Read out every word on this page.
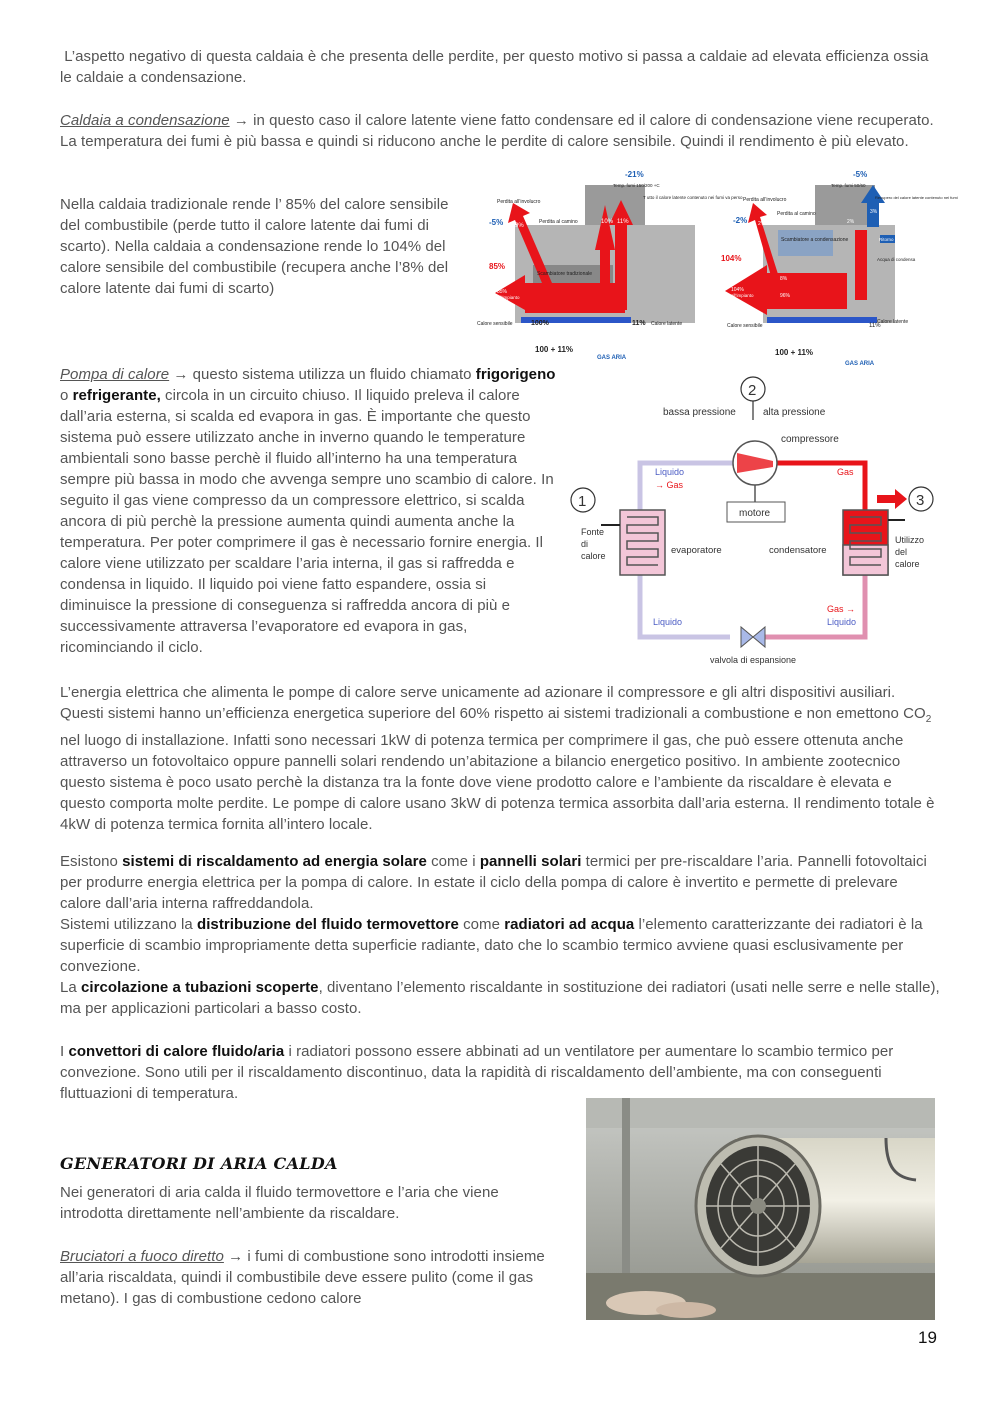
L’aspetto negativo di questa caldaia è che presenta delle perdite, per questo motivo si passa a caldaie ad elevata efficienza ossia le caldaie a condensazione.

Caldaia a condensazione → in questo caso il calore latente viene fatto condensare ed il calore di condensazione viene recuperato. La temperatura dei fumi è più bassa e quindi si riducono anche le perdite di calore sensibile. Quindi il rendimento è più elevato.

Nella caldaia tradizionale rende l’ 85% del calore sensibile del combustibile (perde tutto il calore latente dai fumi di scarto). Nella caldaia a condensazione rende lo 104% del calore sensibile del combustibile (recupera anche l’8% del calore latente dai fumi di scarto)

-21%
Temp. fumi 150/200 +C
Perdita all’involucro
Perdita al camino
T utto il calore latente contenuto nei fumi va perso
-5% 9%
10% 11%
Scambiatore tradizionale
85%
85%
all’impianto
Calore sensibile	100%	11% Calore latente
100 + 11%
GAS ARIA
-5%
Temp. fumi 50/60
Perdita all’involucro
Perdita al camino
Recupero del calore latente contenuto nei fumi
-2% 2%
3%
2%
8%
96%
Scambiatore a condensazione	Ritorno
Acqua di condensa
104%
104%
all’impianto
Calore sensibile	100%	11%
Calore latente
100 + 11%
GAS ARIA

Pompa di calore → questo sistema utilizza un fluido chiamato frigorigeno o refrigerante, circola in un circuito chiuso. Il liquido preleva il calore dall’aria esterna, si scalda ed evapora in gas. È importante che questo sistema può essere utilizzato anche in inverno quando le temperature ambientali sono basse perchè il fluido all’interno ha una temperatura sempre più bassa in modo che avvenga sempre uno scambio di calore. In seguito il gas viene compresso da un compressore elettrico, si scalda ancora di più perchè la pressione aumenta quindi aumenta anche la temperatura. Per poter comprimere il gas è necessario fornire energia. Il calore viene utilizzato per scaldare l’aria interna, il gas si raffredda e condensa in liquido. Il liquido poi viene fatto espandere, ossia si diminuisce la pressione di conseguenza si raffredda ancora di più e successivamente attraversa l’evaporatore ed evapora in gas, ricominciando il ciclo.

motore
2
1	3
bassa pressione	alta pressione
compressore
Liquido
→ Gas
Gas
Fonte
di
calore	evaporatore	condensatore
Utilizzo
del
calore
Gas →
Liquido
Liquido
valvola di espansione

L’energia elettrica che alimenta le pompe di calore serve unicamente ad azionare il compressore e gli altri dispositivi ausiliari. Questi sistemi hanno un’efficienza energetica superiore del 60% rispetto ai sistemi tradizionali a combustione e non emettono $CO_2$ nel luogo di installazione. Infatti sono necessari 1kW di potenza termica per comprimere il gas, che può essere ottenuta anche attraverso un fotovoltaico oppure pannelli solari rendendo un’abitazione a bilancio energetico positivo. In ambiente zootecnico questo sistema è poco usato perchè la distanza tra la fonte dove viene prodotto calore e l’ambiente da riscaldare è elevata e questo comporta molte perdite. Le pompe di calore usano 3kW di potenza termica assorbita dall’aria esterna. Il rendimento totale è 4kW di potenza termica fornita all’intero locale.

Esistono sistemi di riscaldamento ad energia solare come i pannelli solari termici per pre-riscaldare l’aria. Pannelli fotovoltaici per produrre energia elettrica per la pompa di calore. In estate il ciclo della pompa di calore è invertito e permette di prelevare calore dall’aria interna raffreddandola.
Sistemi utilizzano la distribuzione del fluido termovettore come radiatori ad acqua l’elemento caratterizzante dei radiatori è la superficie di scambio impropriamente detta superficie radiante, dato che lo scambio termico avviene quasi esclusivamente per convezione.
La circolazione a tubazioni scoperte, diventano l’elemento riscaldante in sostituzione dei radiatori (usati nelle serre e nelle stalle), ma per applicazioni particolari a basso costo.

I convettori di calore fluido/aria i radiatori possono essere abbinati ad un ventilatore per aumentare lo scambio termico per convezione. Sono utili per il riscaldamento discontinuo, data la rapidità di riscaldamento dell’ambiente, ma con conseguenti fluttuazioni di temperatura.

GENERATORI DI ARIA CALDA

Nei generatori di aria calda il fluido termovettore e l’aria che viene introdotta direttamente nell’ambiente da riscaldare.

Bruciatori a fuoco diretto → i fumi di combustione sono introdotti insieme all’aria riscaldata, quindi il combustibile deve essere pulito (come il gas metano). I gas di combustione cedono calore

19
